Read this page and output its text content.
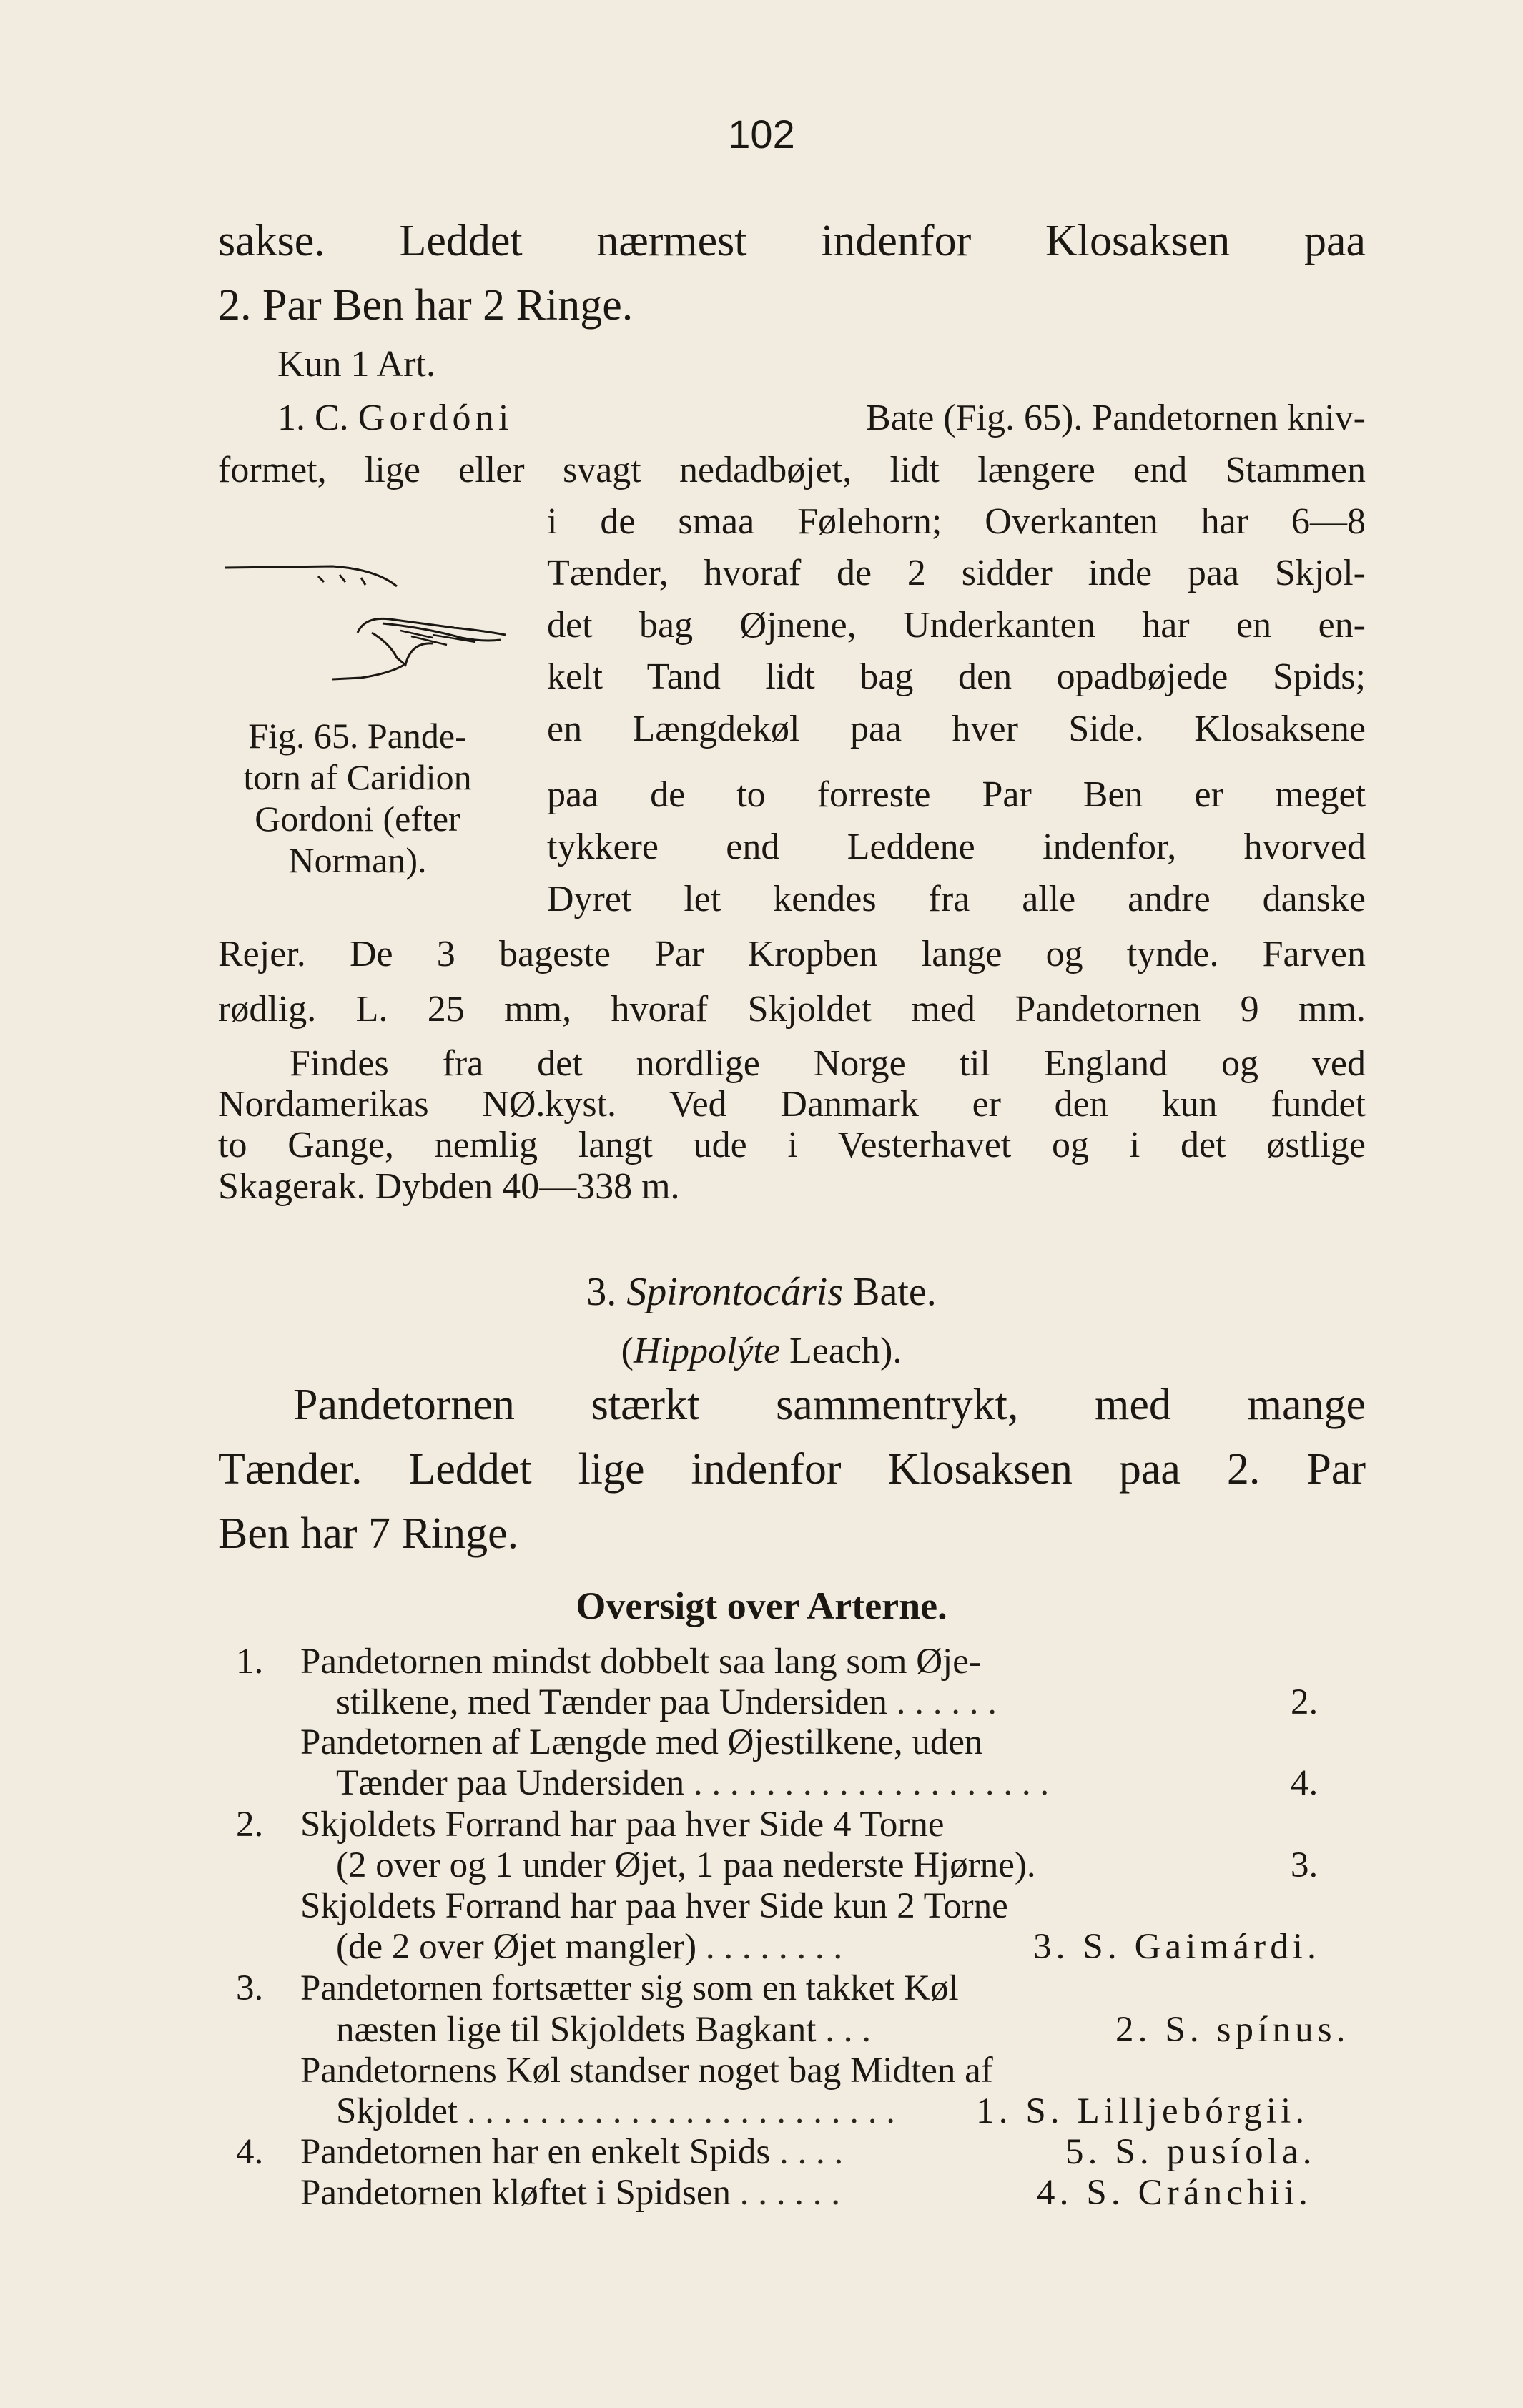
102
sakse. Leddet nærmest indenfor Klosaksen paa
2. Par Ben har 2 Ringe.
Kun 1 Art.
1. C. Gordóni	Bate (Fig. 65). Pandetornen kniv-
formet, lige eller svagt nedadbøjet, lidt længere end Stammen
Fig. 65. Pande-
torn af Caridion
Gordoni (efter
Norman).
i de smaa Følehorn; Overkanten har 6—8
Tænder, hvoraf de 2 sidder inde paa Skjol-
det bag Øjnene, Underkanten har en en-
kelt Tand lidt bag den opadbøjede Spids;
en Længdekøl paa hver Side. Klosaksene
paa de to forreste Par Ben er meget
tykkere end Leddene indenfor, hvorved
Dyret let kendes fra alle andre danske
Rejer. De 3 bageste Par Kropben lange og tynde. Farven
rødlig. L. 25 mm, hvoraf Skjoldet med Pandetornen 9 mm.
Findes fra det nordlige Norge til England og ved
Nordamerikas NØ.kyst. Ved Danmark er den kun fundet
to Gange, nemlig langt ude i Vesterhavet og i det østlige
Skagerak. Dybden 40—338 m.
3. Spirontocáris Bate.
(Hippolýte Leach).
Pandetornen stærkt sammentrykt, med mange
Tænder. Leddet lige indenfor Klosaksen paa 2. Par
Ben har 7 Ringe.
Oversigt over Arterne.
1. Pandetornen mindst dobbelt saa lang som Øje-
stilkene, med Tænder paa Undersiden . . . . . .	2.
Pandetornen af Længde med Øjestilkene, uden
Tænder paa Undersiden . . . . . . . . . . . . . . . . . . . .	4.
2. Skjoldets Forrand har paa hver Side 4 Torne
(2 over og 1 under Øjet, 1 paa nederste Hjørne).	3.
Skjoldets Forrand har paa hver Side kun 2 Torne
(de 2 over Øjet mangler) . . . . . . . .	3. S. Gaimárdi.
3. Pandetornen fortsætter sig som en takket Køl
næsten lige til Skjoldets Bagkant . . .	2. S. spínus.
Pandetornens Køl standser noget bag Midten af
Skjoldet . . . . . . . . . . . . . . . . . . . . . . . .	1. S. Lilljebórgii.
4. Pandetornen har en enkelt Spids . . . .	5. S. pusíola.
Pandetornen kløftet i Spidsen . . . . . .	4. S. Cránchii.
